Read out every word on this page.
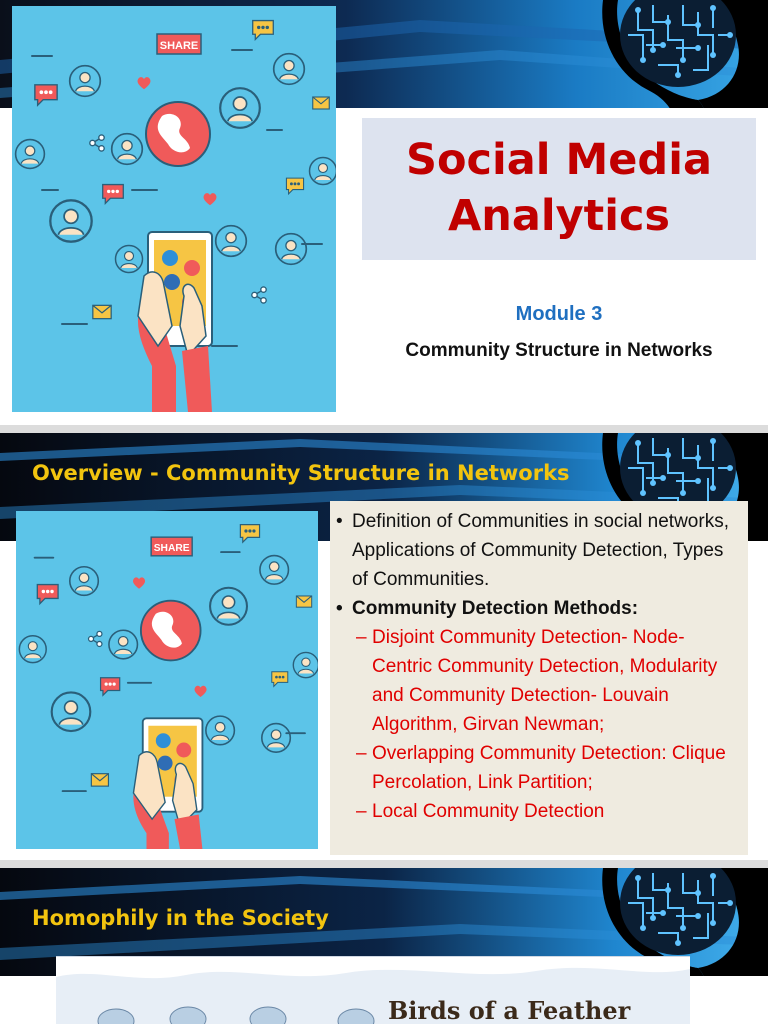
SHARE
Social Media
Analytics
Module 3
Community Structure in Networks
Overview - Community Structure in Networks
SHARE
• Definition of Communities in social networks, Applications of Community Detection, Types of Communities.
• Community Detection Methods:
– Disjoint Community Detection- Node-Centric Community Detection, Modularity and Community Detection- Louvain Algorithm, Girvan Newman;
– Overlapping Community Detection: Clique Percolation, Link Partition;
– Local Community Detection
Homophily in the Society
Birds of a Feather
